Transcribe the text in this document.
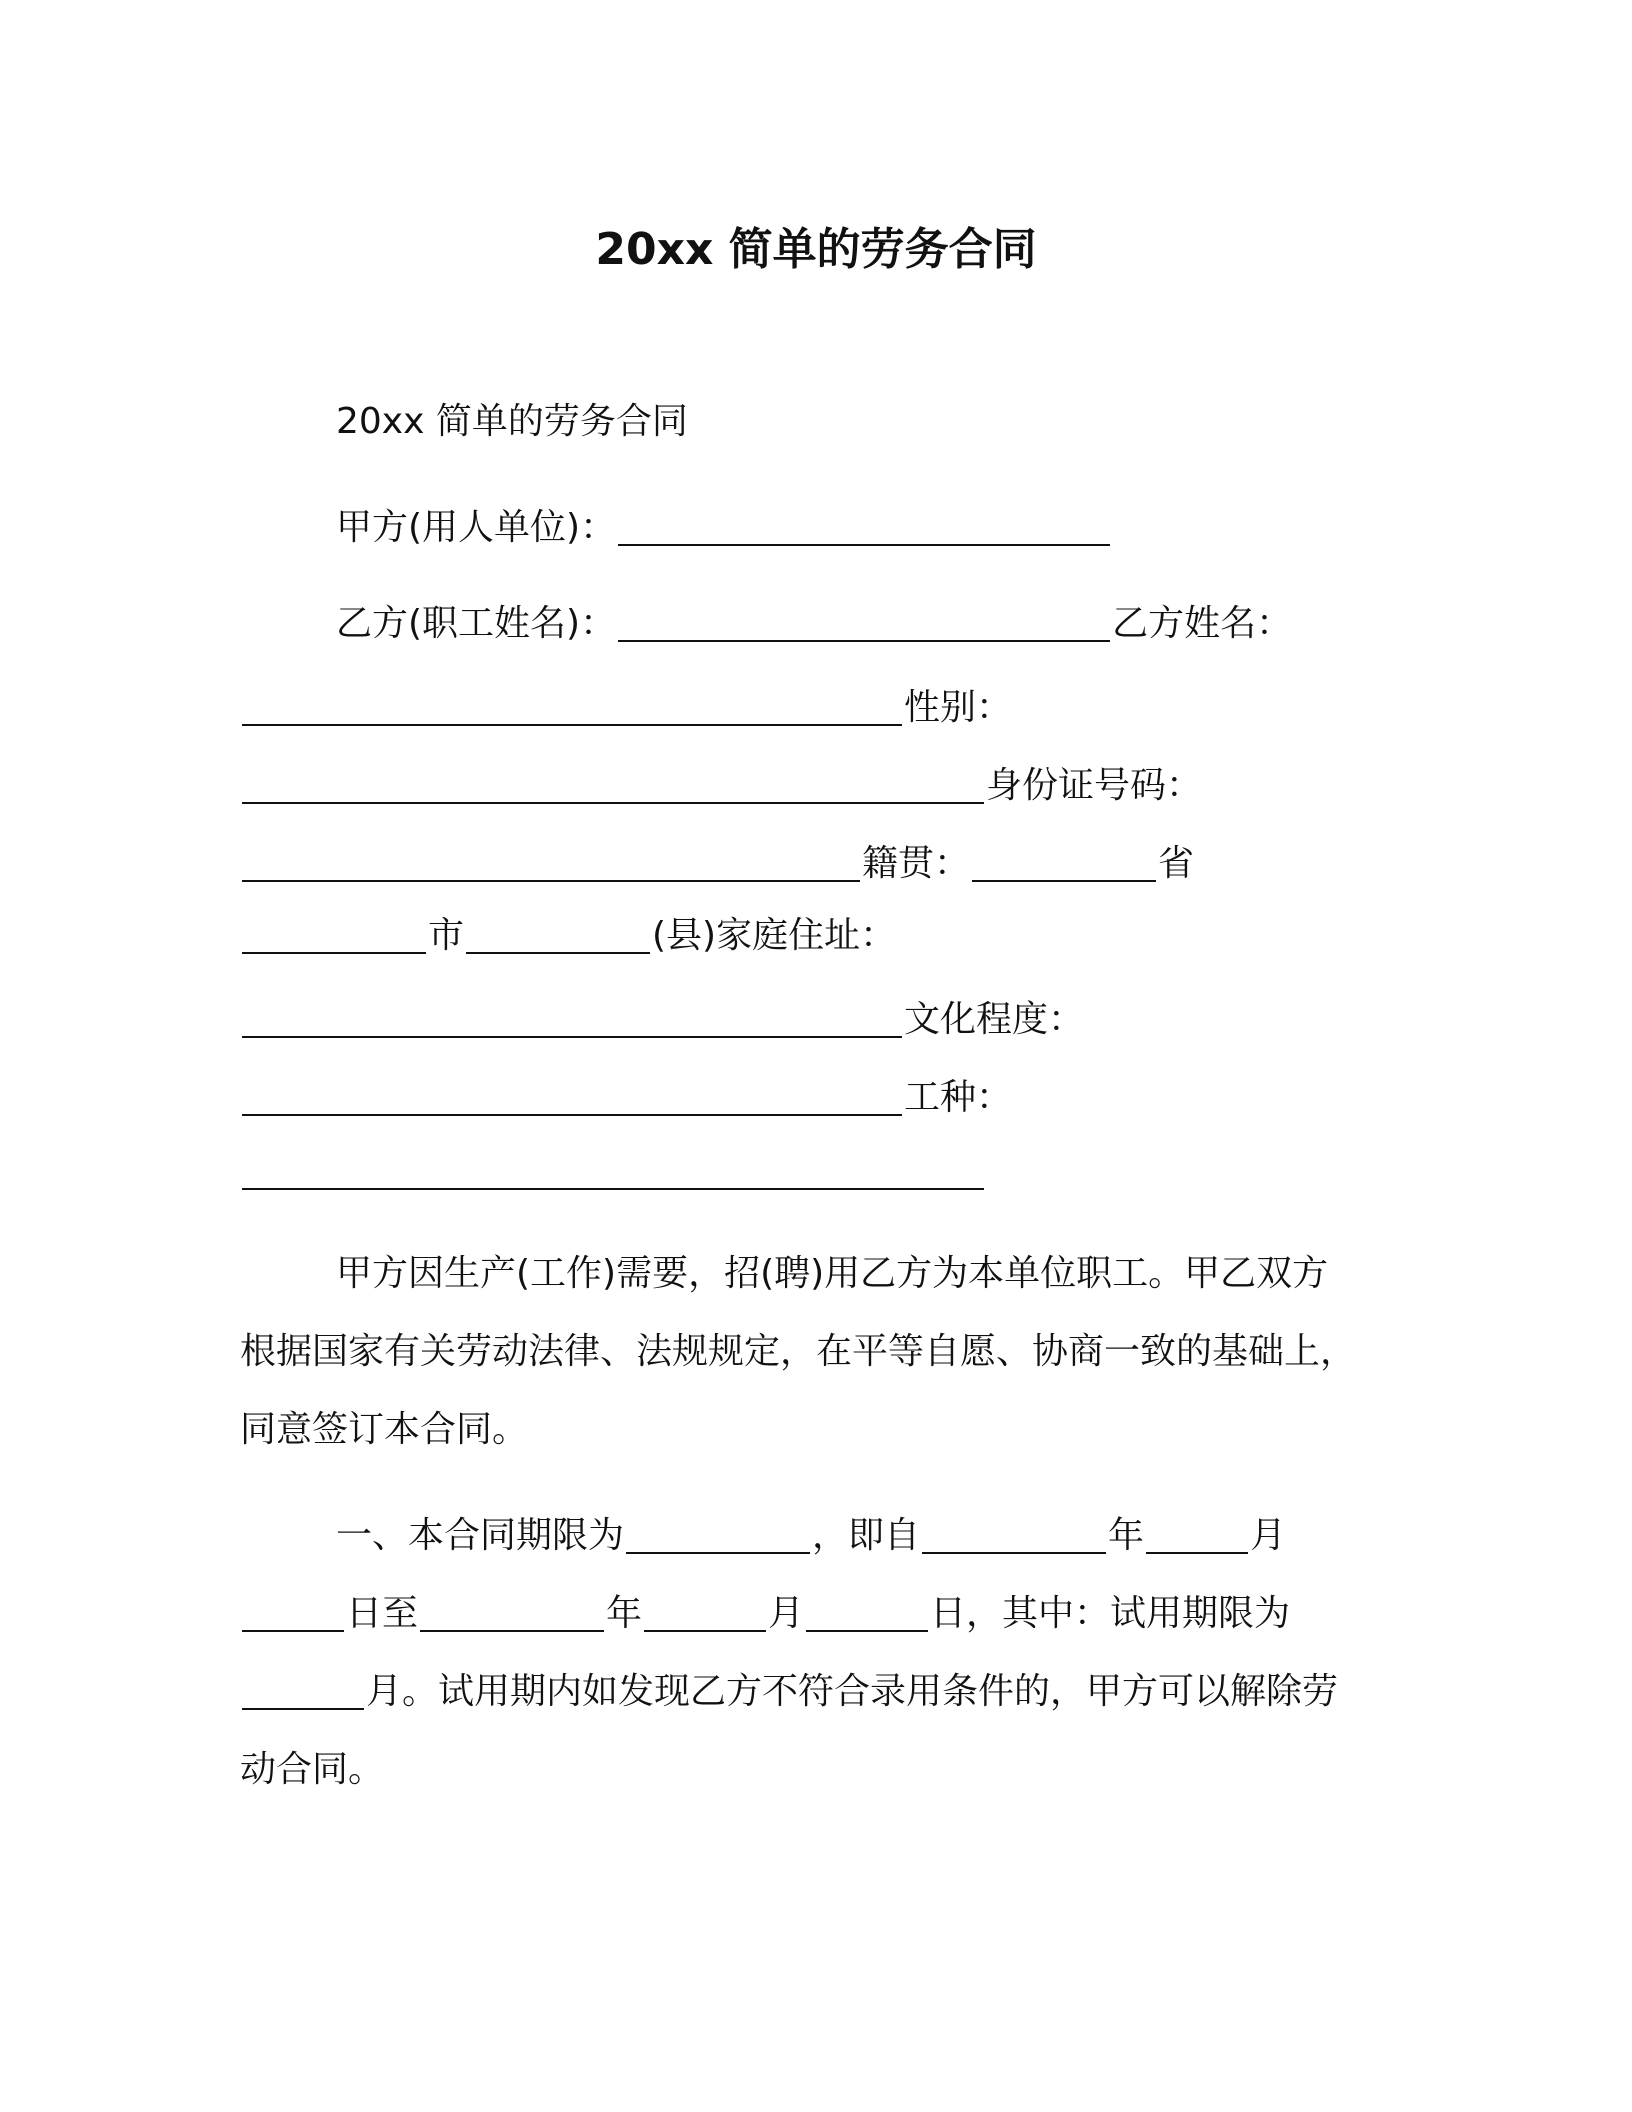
20xx 简单的劳务合同
20xx 简单的劳务合同
甲方(用人单位)：
乙方(职工姓名)：	乙方姓名：
性别：
身份证号码：
籍贯：	省
市	(县)家庭住址：
文化程度：
工种：
甲方因生产(工作)需要，招(聘)用乙方为本单位职工。甲乙双方
根据国家有关劳动法律、法规规定，在平等自愿、协商一致的基础上，
同意签订本合同。
一、本合同期限为	，即自	年	月
日至	年	月	日，其中：试用期限为
月。试用期内如发现乙方不符合录用条件的，甲方可以解除劳
动合同。
